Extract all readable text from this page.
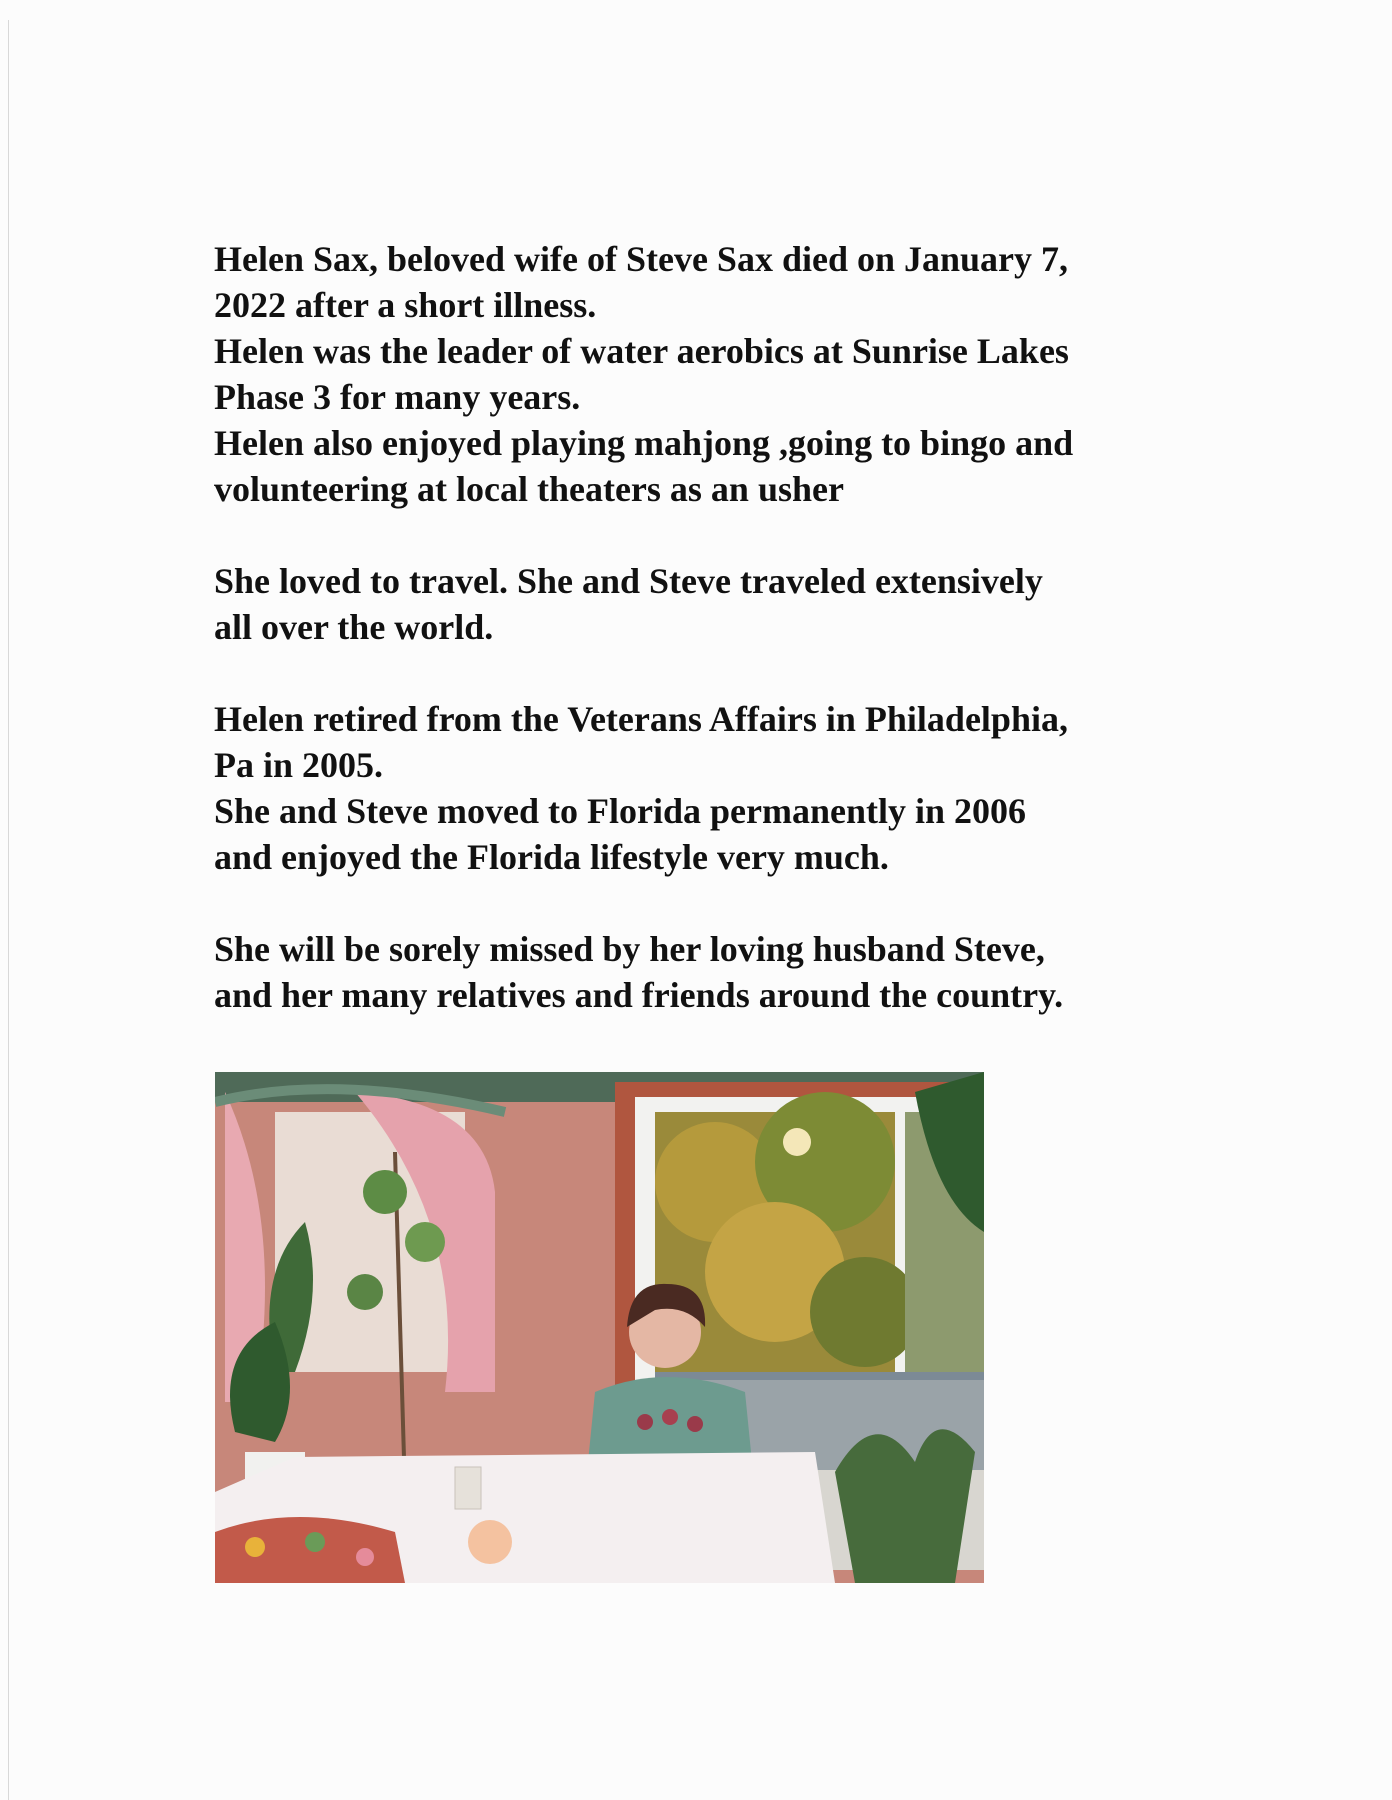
Helen Sax, beloved wife of Steve Sax died on January 7,
2022 after a short illness.
Helen was the leader of water aerobics at Sunrise Lakes
Phase 3 for many years.
Helen also enjoyed playing mahjong ,going to bingo and
volunteering at local theaters as an usher

She loved to travel. She and Steve traveled extensively
all over the world.

Helen retired from the Veterans Affairs in Philadelphia,
Pa in 2005.
She and Steve moved to Florida permanently in 2006
and enjoyed the Florida lifestyle very much.

She will be sorely missed by her loving husband Steve,
and her many relatives and friends around the country.
